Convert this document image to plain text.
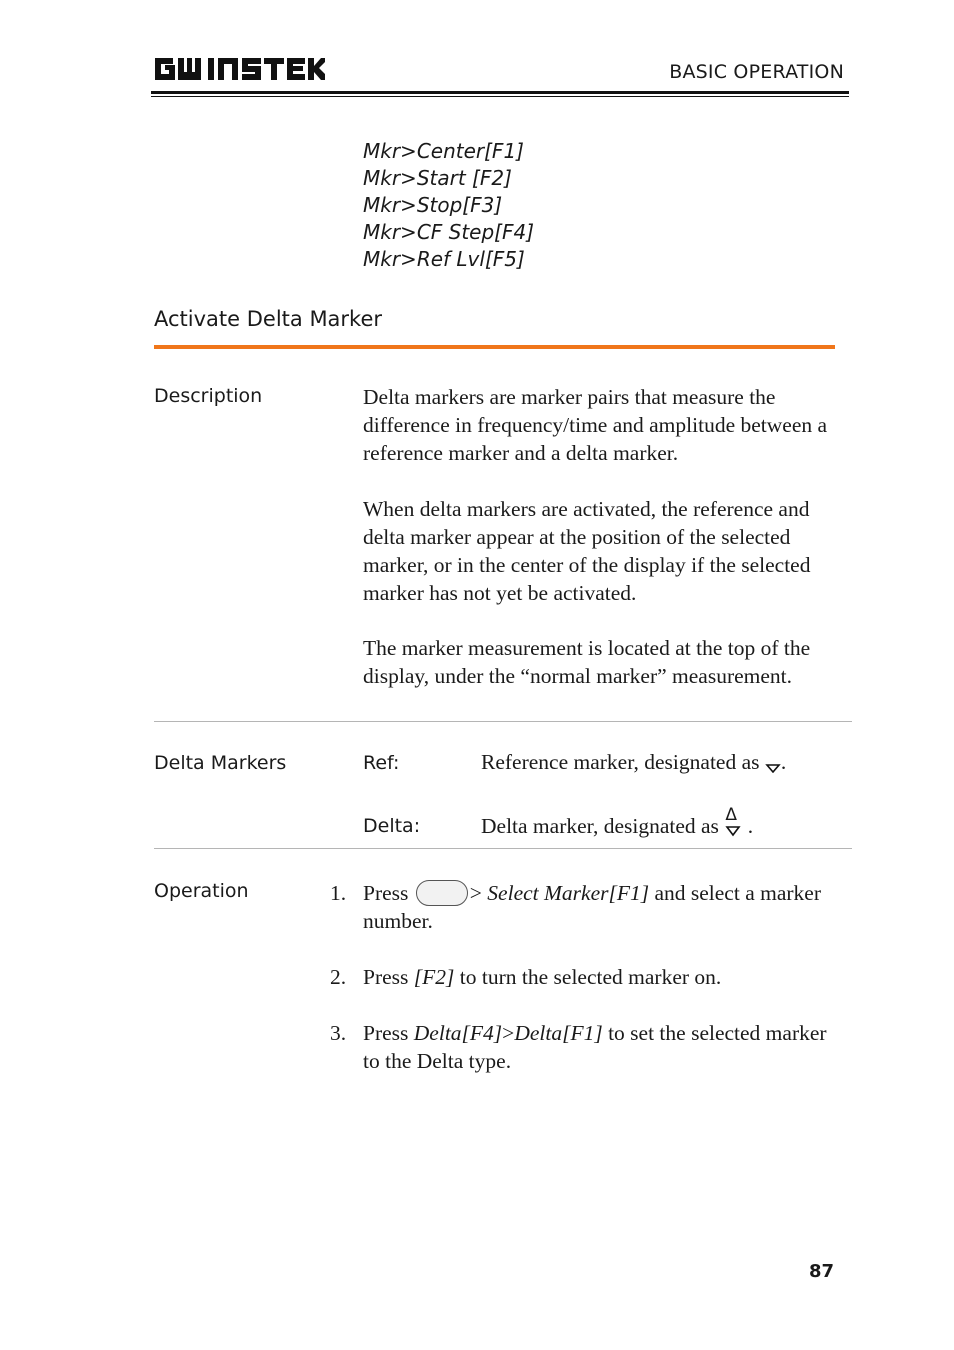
BASIC OPERATION
Mkr>Center[F1]
Mkr>Start [F2]
Mkr>Stop[F3]
Mkr>CF Step[F4]
Mkr>Ref Lvl[F5]
Activate Delta Marker
Description	Delta markers are marker pairs that measure the difference in frequency/time and amplitude between a reference marker and a delta marker.
When delta markers are activated, the reference and delta marker appear at the position of the selected marker, or in the center of the display if the selected marker has not yet be activated.
The marker measurement is located at the top of the display, under the “normal marker” measurement.
Delta Markers	Ref:	Reference marker, designated as .
Delta:	Delta marker, designated as Δ .
Operation	1. Press	> Select Marker[F1] and select a marker number.
2. Press [F2] to turn the selected marker on.
3. Press Delta[F4]>Delta[F1] to set the selected marker to the Delta type.
87
